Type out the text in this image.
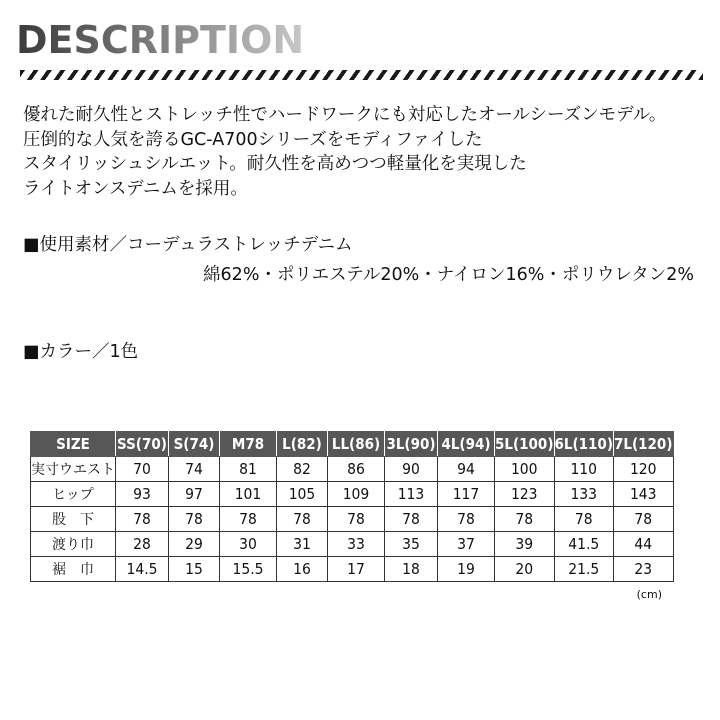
DESCRIPTION
優れた耐久性とストレッチ性でハードワークにも対応したオールシーズンモデル。
圧倒的な人気を誇るGC-A700シリーズをモディファイした
スタイリッシュシルエット。耐久性を高めつつ軽量化を実現した
ライトオンスデニムを採用。
■使用素材／コーデュラストレッチデニム
綿62%・ポリエステル20%・ナイロン16%・ポリウレタン2%
■カラー／1色
SIZE	SS(70)	S(74)	M78	L(82)	LL(86)	3L(90)	4L(94)	5L(100)	6L(110)	7L(120)
実寸ウエスト	70	74	81	82	86	90	94	100	110	120
ヒップ	93	97	101	105	109	113	117	123	133	143
股　下	78	78	78	78	78	78	78	78	78	78
渡り巾	28	29	30	31	33	35	37	39	41.5	44
裾　巾	14.5	15	15.5	16	17	18	19	20	21.5	23
(cm)
